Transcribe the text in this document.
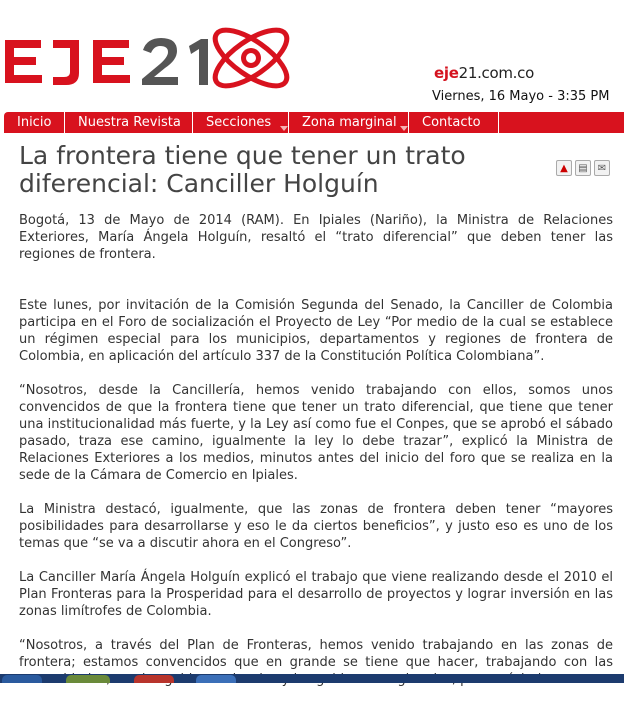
eje21.com.co
Viernes, 16 Mayo - 3:35 PM
Inicio	Nuestra Revista	Secciones	Zona marginal	Contacto
La frontera tiene que tener un trato diferencial: Canciller Holguín
▲	▤	✉

Bogotá, 13 de Mayo de 2014 (RAM). En Ipiales (Nariño), la Ministra de Relaciones Exteriores, María Ángela Holguín, resaltó el “trato diferencial” que deben tener las regiones de frontera.

Este lunes, por invitación de la Comisión Segunda del Senado, la Canciller de Colombia participa en el Foro de socialización el Proyecto de Ley “Por medio de la cual se establece un régimen especial para los municipios, departamentos y regiones de frontera de Colombia, en aplicación del artículo 337 de la Constitución Política Colombiana”.

“Nosotros, desde la Cancillería, hemos venido trabajando con ellos, somos unos convencidos de que la frontera tiene que tener un trato diferencial, que tiene que tener una institucionalidad más fuerte, y la Ley así como fue el Conpes, que se aprobó el sábado pasado, traza ese camino, igualmente la ley lo debe trazar”, explicó la Ministra de Relaciones Exteriores a los medios, minutos antes del inicio del foro que se realiza en la sede de la Cámara de Comercio en Ipiales.

La Ministra destacó, igualmente, que las zonas de frontera deben tener “mayores posibilidades para desarrollarse y eso le da ciertos beneficios”, y justo eso es uno de los temas que “se va a discutir ahora en el Congreso”.

La Canciller María Ángela Holguín explicó el trabajo que viene realizando desde el 2010 el Plan Fronteras para la Prosperidad para el desarrollo de proyectos y lograr inversión en las zonas limítrofes de Colombia.

“Nosotros, a través del Plan de Fronteras, hemos venido trabajando en las zonas de frontera; estamos convencidos que en grande se tiene que hacer, trabajando con las
